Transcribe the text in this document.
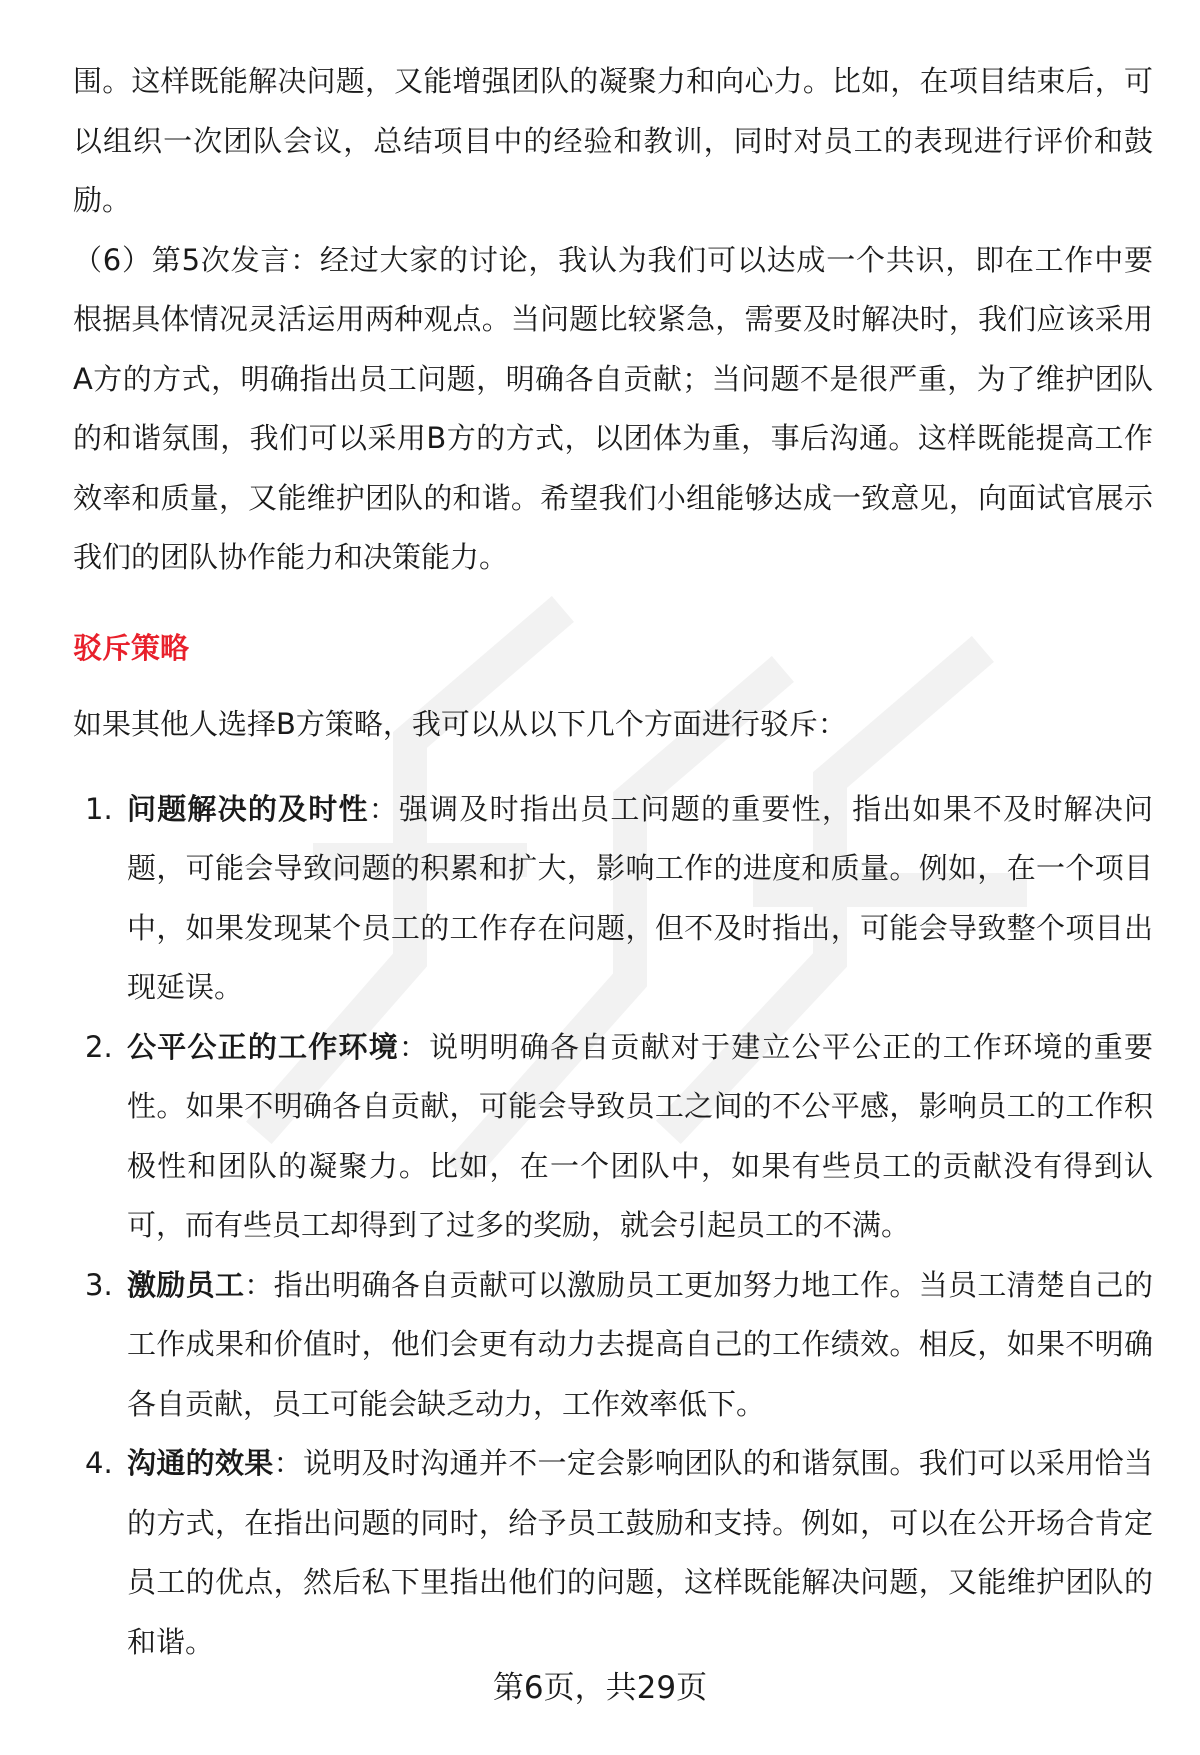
围。这样既能解决问题，又能增强团队的凝聚力和向心力。比如，在项目结束后，可以组织一次团队会议，总结项目中的经验和教训，同时对员工的表现进行评价和鼓励。

（6）第5次发言：经过大家的讨论，我认为我们可以达成一个共识，即在工作中要根据具体情况灵活运用两种观点。当问题比较紧急，需要及时解决时，我们应该采用A方的方式，明确指出员工问题，明确各自贡献；当问题不是很严重，为了维护团队的和谐氛围，我们可以采用B方的方式，以团体为重，事后沟通。这样既能提高工作效率和质量，又能维护团队的和谐。希望我们小组能够达成一致意见，向面试官展示我们的团队协作能力和决策能力。

驳斥策略

如果其他人选择B方策略，我可以从以下几个方面进行驳斥：

1. 问题解决的及时性：强调及时指出员工问题的重要性，指出如果不及时解决问题，可能会导致问题的积累和扩大，影响工作的进度和质量。例如，在一个项目中，如果发现某个员工的工作存在问题，但不及时指出，可能会导致整个项目出现延误。
2. 公平公正的工作环境：说明明确各自贡献对于建立公平公正的工作环境的重要性。如果不明确各自贡献，可能会导致员工之间的不公平感，影响员工的工作积极性和团队的凝聚力。比如，在一个团队中，如果有些员工的贡献没有得到认可，而有些员工却得到了过多的奖励，就会引起员工的不满。
3. 激励员工：指出明确各自贡献可以激励员工更加努力地工作。当员工清楚自己的工作成果和价值时，他们会更有动力去提高自己的工作绩效。相反，如果不明确各自贡献，员工可能会缺乏动力，工作效率低下。
4. 沟通的效果：说明及时沟通并不一定会影响团队的和谐氛围。我们可以采用恰当的方式，在指出问题的同时，给予员工鼓励和支持。例如，可以在公开场合肯定员工的优点，然后私下里指出他们的问题，这样既能解决问题，又能维护团队的和谐。
第6页，共29页
